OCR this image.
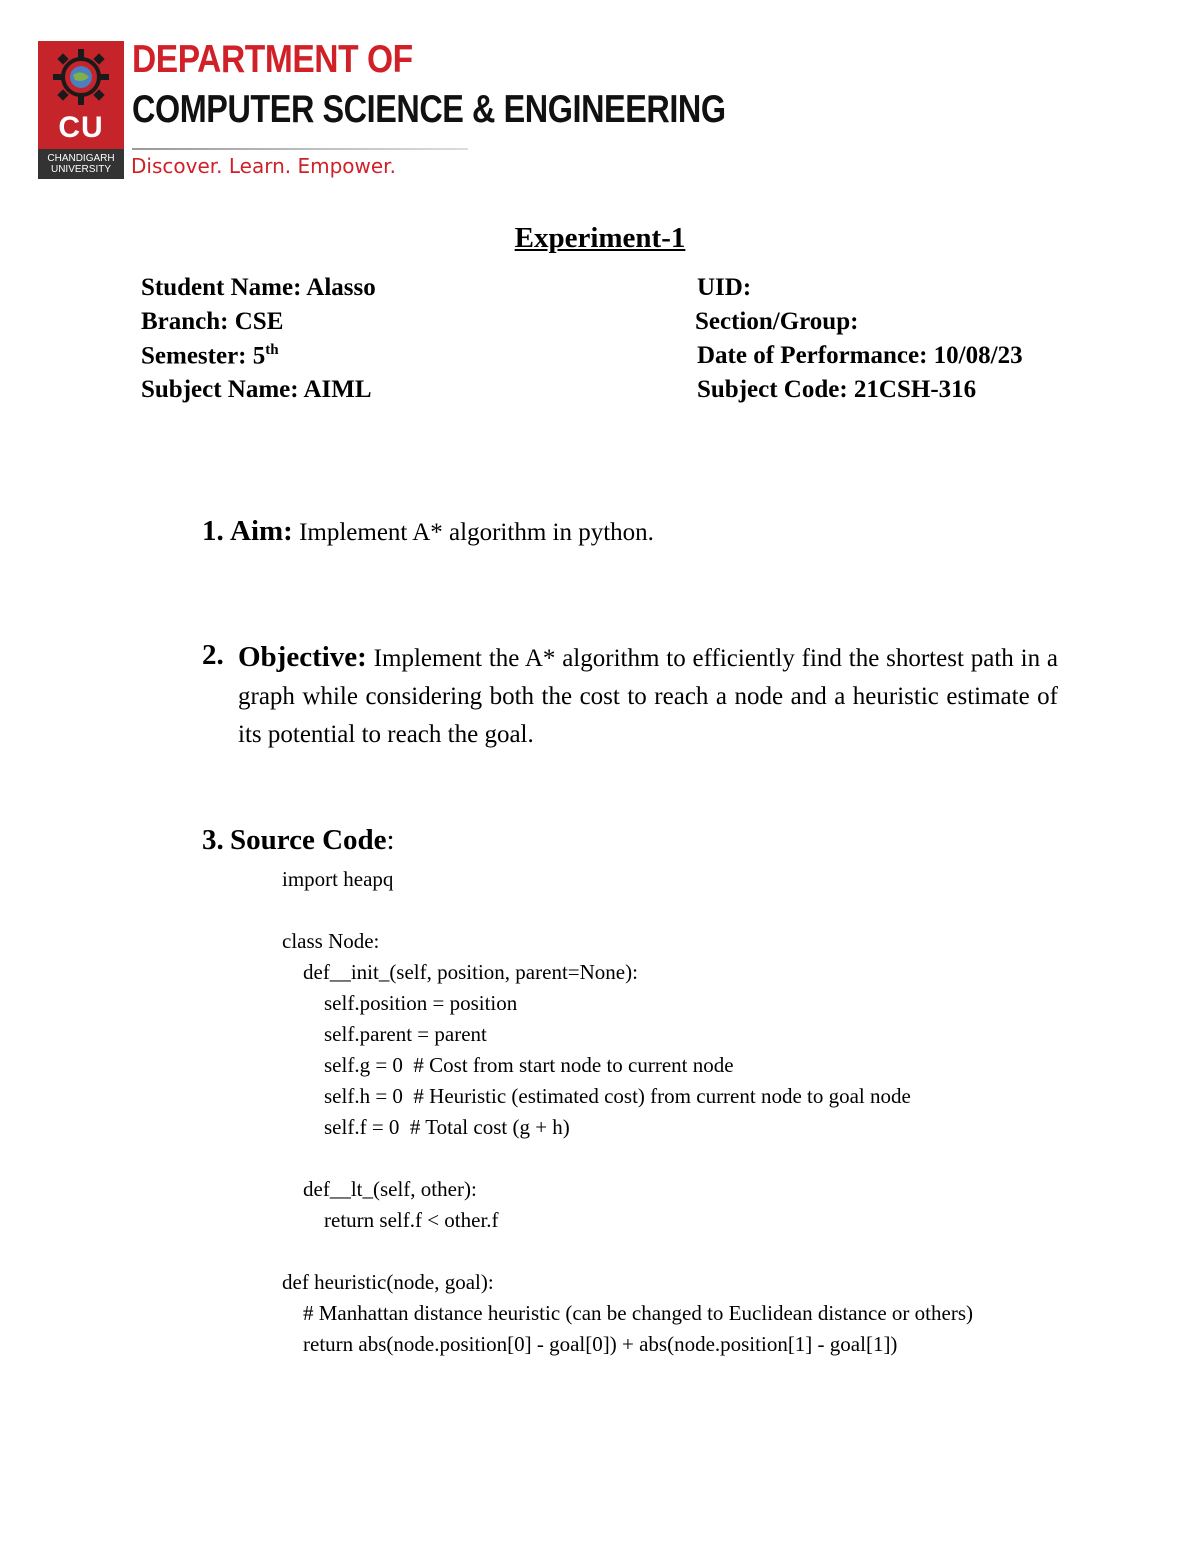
CU
CHANDIGARH
UNIVERSITY
DEPARTMENT OF
COMPUTER SCIENCE & ENGINEERING
Discover. Learn. Empower.
Experiment-1
Student Name: Alasso	UID:
Branch: CSE	Section/Group:
Semester: 5th	Date of Performance: 10/08/23
Subject Name: AIML	Subject Code: 21CSH-316
1. Aim: Implement A* algorithm in python.
2. Objective: Implement the A* algorithm to efficiently find the shortest path in a graph while considering both the cost to reach a node and a heuristic estimate of its potential to reach the goal.
3. Source Code:
import heapq
class Node:
def__init_(self, position, parent=None):
self.position = position
self.parent = parent
self.g = 0  # Cost from start node to current node
self.h = 0  # Heuristic (estimated cost) from current node to goal node
self.f = 0  # Total cost (g + h)
def__lt_(self, other):
return self.f < other.f
def heuristic(node, goal):
# Manhattan distance heuristic (can be changed to Euclidean distance or others)
return abs(node.position[0] - goal[0]) + abs(node.position[1] - goal[1])
